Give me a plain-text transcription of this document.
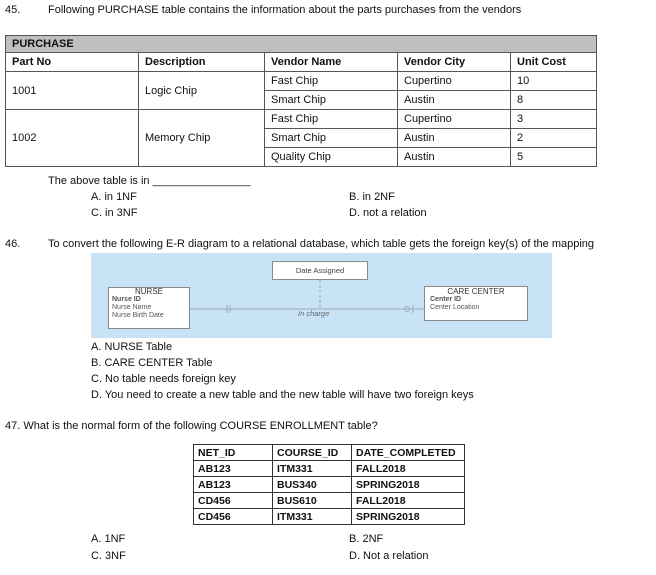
45.	Following PURCHASE table contains the information about the parts purchases from the vendors
PURCHASE				
Part No	Description	Vendor Name	Vendor City	Unit Cost
1001	Logic Chip	Fast Chip	Cupertino	10
		Smart Chip	Austin	8
1002	Memory Chip	Fast Chip	Cupertino	3
		Smart Chip	Austin	2
		Quality Chip	Austin	5
The above table is in ________________
A. in 1NF	B. in 2NF
C. in 3NF	D. not a relation
46.	To convert the following E-R diagram to a relational database, which table gets the foreign key(s) of the mapping
Date Assigned
In charge
NURSE
Nurse ID
Nurse Name
Nurse Birth Date
CARE CENTER
Center ID
Center Location
A. NURSE Table
B. CARE CENTER Table
C. No table needs foreign key
D. You need to create a new table and the new table will have two foreign keys
47. What is the normal form of the following COURSE ENROLLMENT table?
NET_ID	COURSE_ID	DATE_COMPLETED
AB123	ITM331	FALL2018
AB123	BUS340	SPRING2018
CD456	BUS610	FALL2018
CD456	ITM331	SPRING2018
A. 1NF	B. 2NF
C. 3NF	D. Not a relation
